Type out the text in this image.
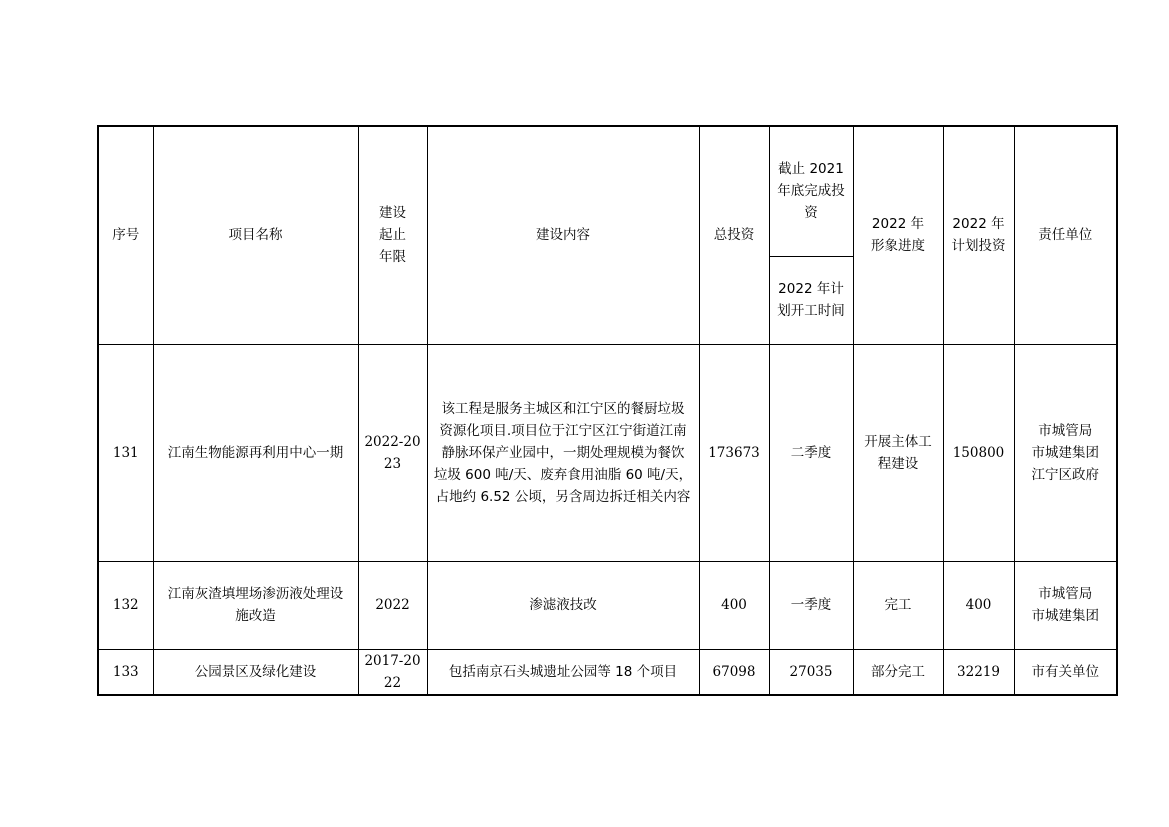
序号	项目名称	建设
起止
年限	建设内容	总投资	截止 2021
年底完成投
资	2022 年
形象进度	2022 年
计划投资	责任单位

					2022 年计
划开工时间			

131	江南生物能源再利用中心一期	2022-2023	该工程是服务主城区和江宁区的餐厨垃圾
资源化项目.项目位于江宁区江宁街道江南
静脉环保产业园中，一期处理规模为餐饮
垃圾 600 吨/天、废弃食用油脂 60 吨/天，
占地约 6.52 公顷，另含周边拆迁相关内容	173673	二季度	开展主体工
程建设	150800	市城管局
市城建集团
江宁区政府

132	江南灰渣填埋场渗沥液处理设
施改造	2022	渗滤液技改	400	一季度	完工	400	市城管局
市城建集团

133	公园景区及绿化建设	2017-2022	包括南京石头城遗址公园等 18 个项目	67098	27035	部分完工	32219	市有关单位
